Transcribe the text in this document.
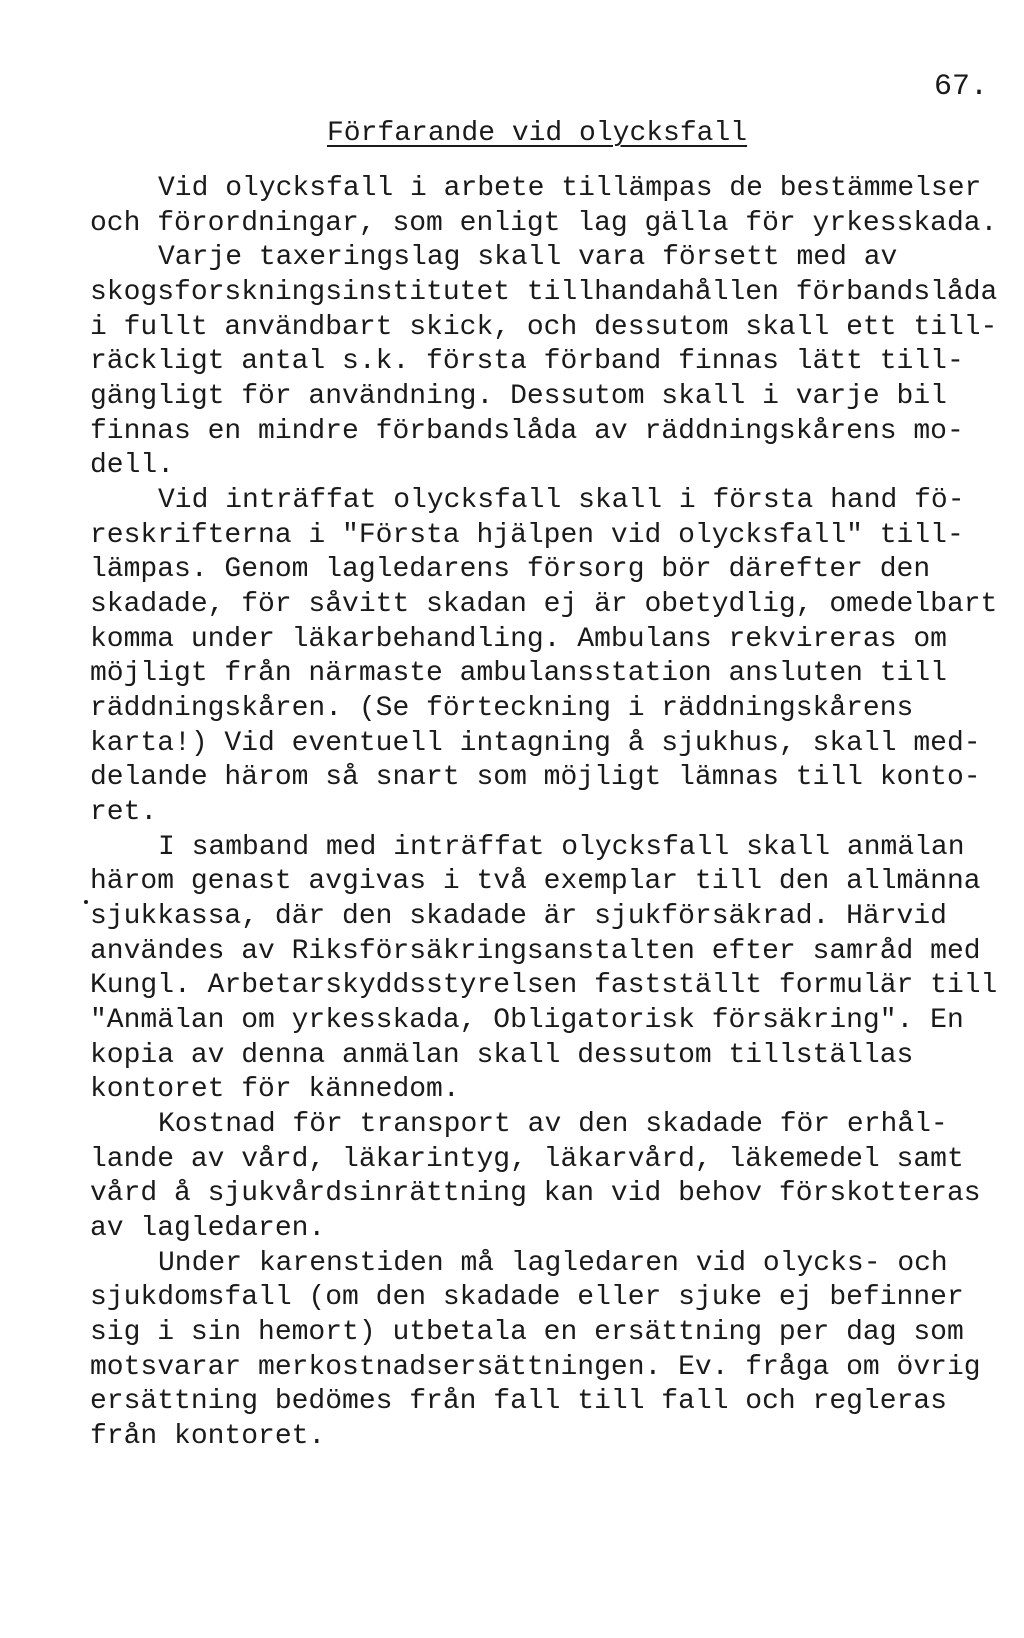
67.
Förfarande vid olycksfall
Vid olycksfall i arbete tillämpas de bestämmelser
och förordningar, som enligt lag gälla för yrkesskada.
Varje taxeringslag skall vara försett med av
skogsforskningsinstitutet tillhandahållen förbandslåda
i fullt användbart skick, och dessutom skall ett till-
räckligt antal s.k. första förband finnas lätt till-
gängligt för användning. Dessutom skall i varje bil
finnas en mindre förbandslåda av räddningskårens mo-
dell.
Vid inträffat olycksfall skall i första hand fö-
reskrifterna i "Första hjälpen vid olycksfall" till-
lämpas. Genom lagledarens försorg bör därefter den
skadade, för såvitt skadan ej är obetydlig, omedelbart
komma under läkarbehandling. Ambulans rekvireras om
möjligt från närmaste ambulansstation ansluten till
räddningskåren. (Se förteckning i räddningskårens
karta!) Vid eventuell intagning å sjukhus, skall med-
delande härom så snart som möjligt lämnas till konto-
ret.
I samband med inträffat olycksfall skall anmälan
härom genast avgivas i två exemplar till den allmänna
sjukkassa, där den skadade är sjukförsäkrad. Härvid
användes av Riksförsäkringsanstalten efter samråd med
Kungl. Arbetarskyddsstyrelsen fastställt formulär till
"Anmälan om yrkesskada, Obligatorisk försäkring". En
kopia av denna anmälan skall dessutom tillställas
kontoret för kännedom.
Kostnad för transport av den skadade för erhål-
lande av vård, läkarintyg, läkarvård, läkemedel samt
vård å sjukvårdsinrättning kan vid behov förskotteras
av lagledaren.
Under karenstiden må lagledaren vid olycks- och
sjukdomsfall (om den skadade eller sjuke ej befinner
sig i sin hemort) utbetala en ersättning per dag som
motsvarar merkostnadsersättningen. Ev. fråga om övrig
ersättning bedömes från fall till fall och regleras
från kontoret.
